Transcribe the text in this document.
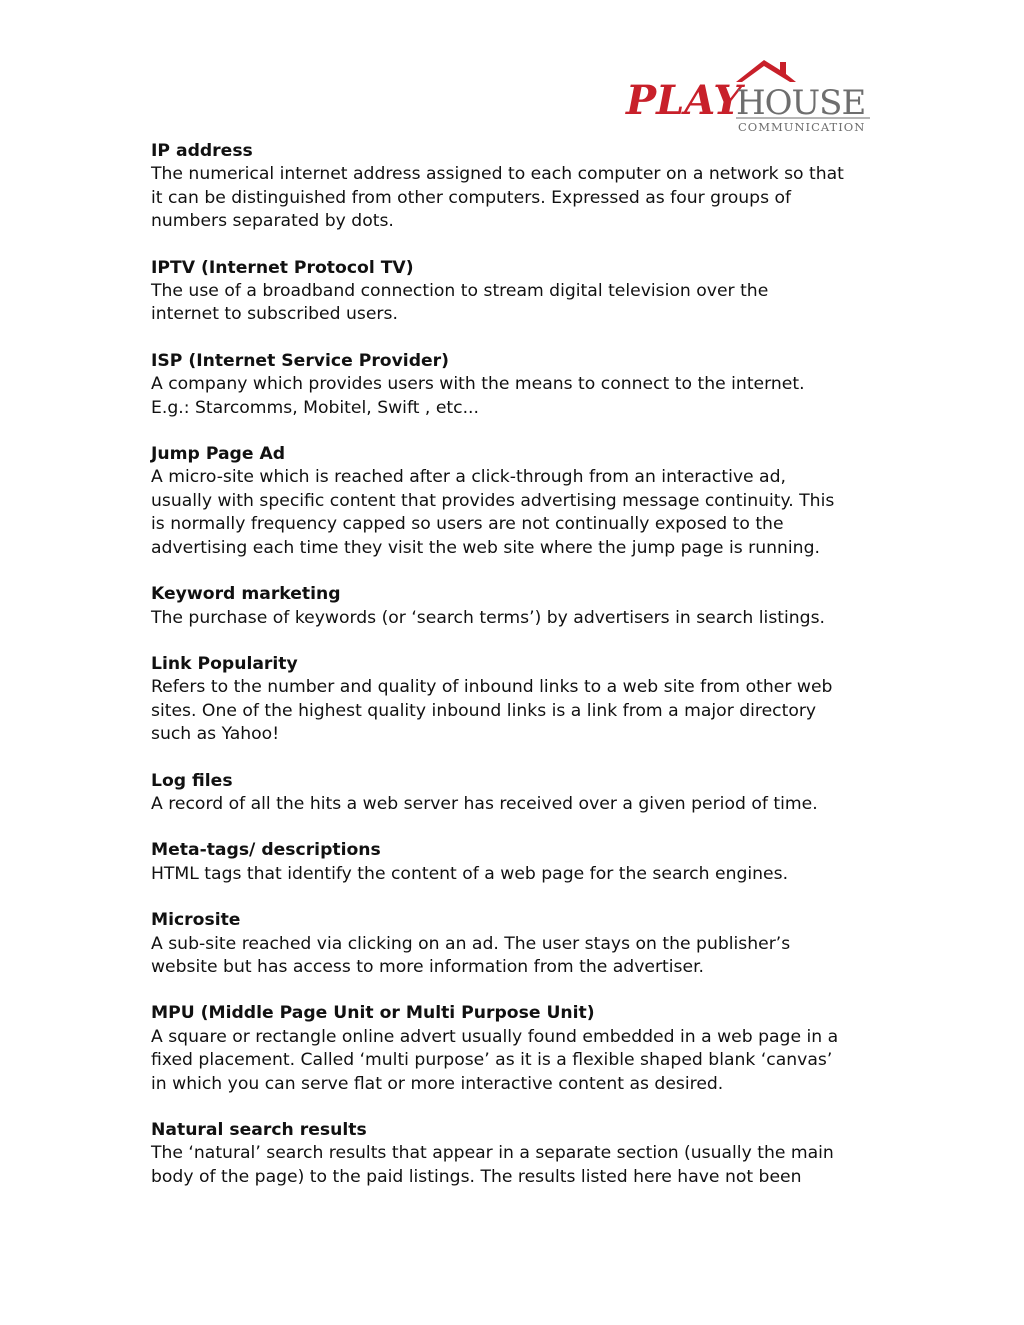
PLAY
HOUSE
COMMUNICATION
IP address
The numerical internet address assigned to each computer on a network so that
it can be distinguished from other computers. Expressed as four groups of
numbers separated by dots.
IPTV (Internet Protocol TV)
The use of a broadband connection to stream digital television over the
internet to subscribed users.
ISP (Internet Service Provider)
A company which provides users with the means to connect to the internet.
E.g.: Starcomms, Mobitel, Swift , etc...
Jump Page Ad
A micro-site which is reached after a click-through from an interactive ad,
usually with specific content that provides advertising message continuity. This
is normally frequency capped so users are not continually exposed to the
advertising each time they visit the web site where the jump page is running.
Keyword marketing
The purchase of keywords (or ‘search terms’) by advertisers in search listings.
Link Popularity
Refers to the number and quality of inbound links to a web site from other web
sites. One of the highest quality inbound links is a link from a major directory
such as Yahoo!
Log files
A record of all the hits a web server has received over a given period of time.
Meta-tags/ descriptions
HTML tags that identify the content of a web page for the search engines.
Microsite
A sub-site reached via clicking on an ad. The user stays on the publisher’s
website but has access to more information from the advertiser.
MPU (Middle Page Unit or Multi Purpose Unit)
A square or rectangle online advert usually found embedded in a web page in a
fixed placement. Called ‘multi purpose’ as it is a flexible shaped blank ‘canvas’
in which you can serve flat or more interactive content as desired.
Natural search results
The ‘natural’ search results that appear in a separate section (usually the main
body of the page) to the paid listings. The results listed here have not been
